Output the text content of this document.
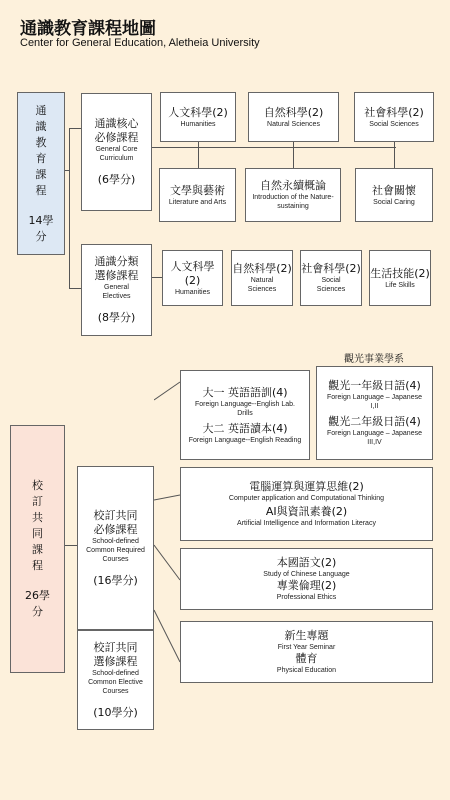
通識教育課程地圖
Center for General Education, Aletheia University
通識教育課程
14學分
通識核心
必修課程
General Core
Curriculum
(6學分)
人文科學(2)
Humanities
自然科學(2)
Natural Sciences
社會科學(2)
Social Sciences
文學與藝術
Literature and Arts
自然永續概論
Introduction of the Nature-sustaining
社會關懷
Social Caring
通識分類
選修課程
General
Electives
(8學分)
人文科學(2)
Humanities
自然科學(2)
Natural Sciences
社會科學(2)
Social Sciences
生活技能(2)
Life Skills
校訂共同課程
26學分
校訂共同
必修課程
School-defined
Common Required
Courses
(16學分)
校訂共同
選修課程
School-defined
Common Elective
Courses
(10學分)
大一 英語語訓(4)
Foreign Language--English Lab. Drills
大二 英語讀本(4)
Foreign Language--English Reading
觀光事業學系
觀光一年級日語(4)
Foreign Language – Japanese I,II
觀光二年級日語(4)
Foreign Language – Japanese III,IV
電腦運算與運算思維(2)
Computer application and Computational Thinking
AI與資訊素養(2)
Artificial Intelligence and Information Literacy
本國語文(2)
Study of Chinese Language
專業倫理(2)
Professional Ethics
新生專題
First Year Seminar
體育
Physical Education
